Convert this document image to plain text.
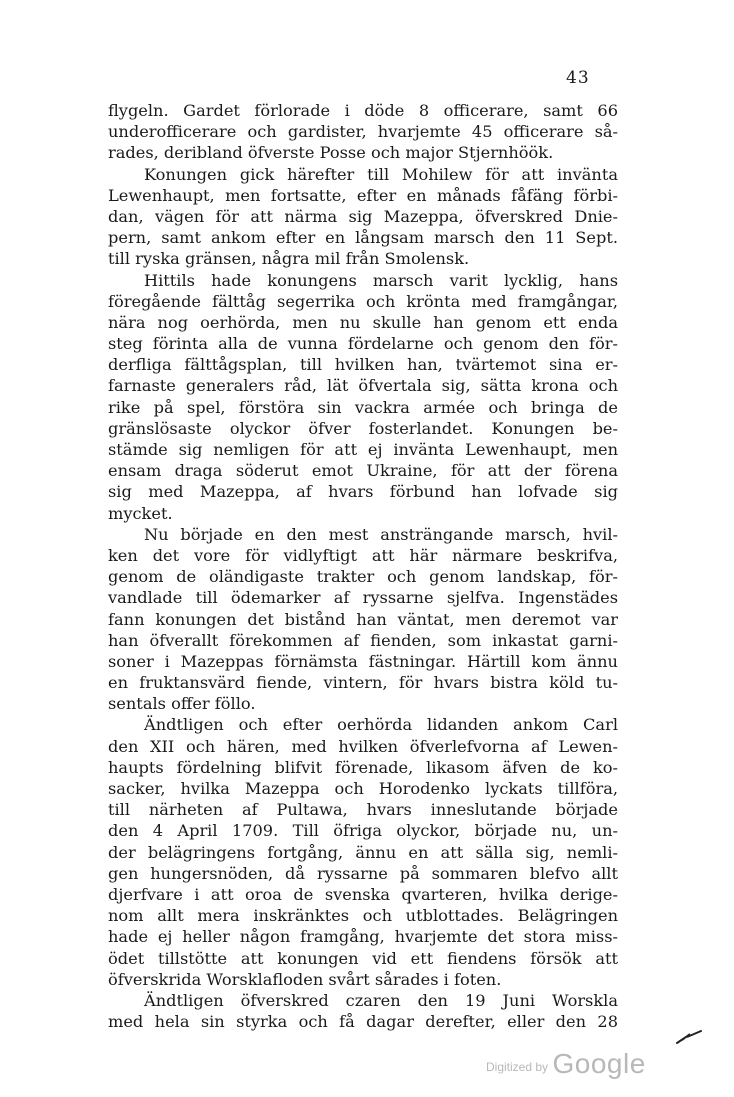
43
flygeln. Gardet förlorade i döde 8 officerare, samt 66
underofficerare och gardister, hvarjemte 45 officerare så-
rades, deribland öfverste Posse och major Stjernhöök.
Konungen gick härefter till Mohilew för att invänta
Lewenhaupt, men fortsatte, efter en månads fåfäng förbi-
dan, vägen för att närma sig Mazeppa, öfverskred Dnie-
pern, samt ankom efter en långsam marsch den 11 Sept.
till ryska gränsen, några mil från Smolensk.
Hittils hade konungens marsch varit lycklig, hans
föregående fälttåg segerrika och krönta med framgångar,
nära nog oerhörda, men nu skulle han genom ett enda
steg förinta alla de vunna fördelarne och genom den för-
derfliga fälttågsplan, till hvilken han, tvärtemot sina er-
farnaste generalers råd, lät öfvertala sig, sätta krona och
rike på spel, förstöra sin vackra armée och bringa de
gränslösaste olyckor öfver fosterlandet. Konungen be-
stämde sig nemligen för att ej invänta Lewenhaupt, men
ensam draga söderut emot Ukraine, för att der förena
sig med Mazeppa, af hvars förbund han lofvade sig
mycket.
Nu började en den mest ansträngande marsch, hvil-
ken det vore för vidlyftigt att här närmare beskrifva,
genom de oländigaste trakter och genom landskap, för-
vandlade till ödemarker af ryssarne sjelfva. Ingenstädes
fann konungen det bistånd han väntat, men deremot var
han öfverallt förekommen af fienden, som inkastat garni-
soner i Mazeppas förnämsta fästningar. Härtill kom ännu
en fruktansvärd fiende, vintern, för hvars bistra köld tu-
sentals offer föllo.
Ändtligen och efter oerhörda lidanden ankom Carl
den XII och hären, med hvilken öfverlefvorna af Lewen-
haupts fördelning blifvit förenade, likasom äfven de ko-
sacker, hvilka Mazeppa och Horodenko lyckats tillföra,
till närheten af Pultawa, hvars inneslutande började
den 4 April 1709. Till öfriga olyckor, började nu, un-
der belägringens fortgång, ännu en att sälla sig, nemli-
gen hungersnöden, då ryssarne på sommaren blefvo allt
djerfvare i att oroa de svenska qvarteren, hvilka derige-
nom allt mera inskränktes och utblottades. Belägringen
hade ej heller någon framgång, hvarjemte det stora miss-
ödet tillstötte att konungen vid ett fiendens försök att
öfverskrida Worsklafloden svårt sårades i foten.
Ändtligen öfverskred czaren den 19 Juni Worskla
med hela sin styrka och få dagar derefter, eller den 28
Digitized by Google
